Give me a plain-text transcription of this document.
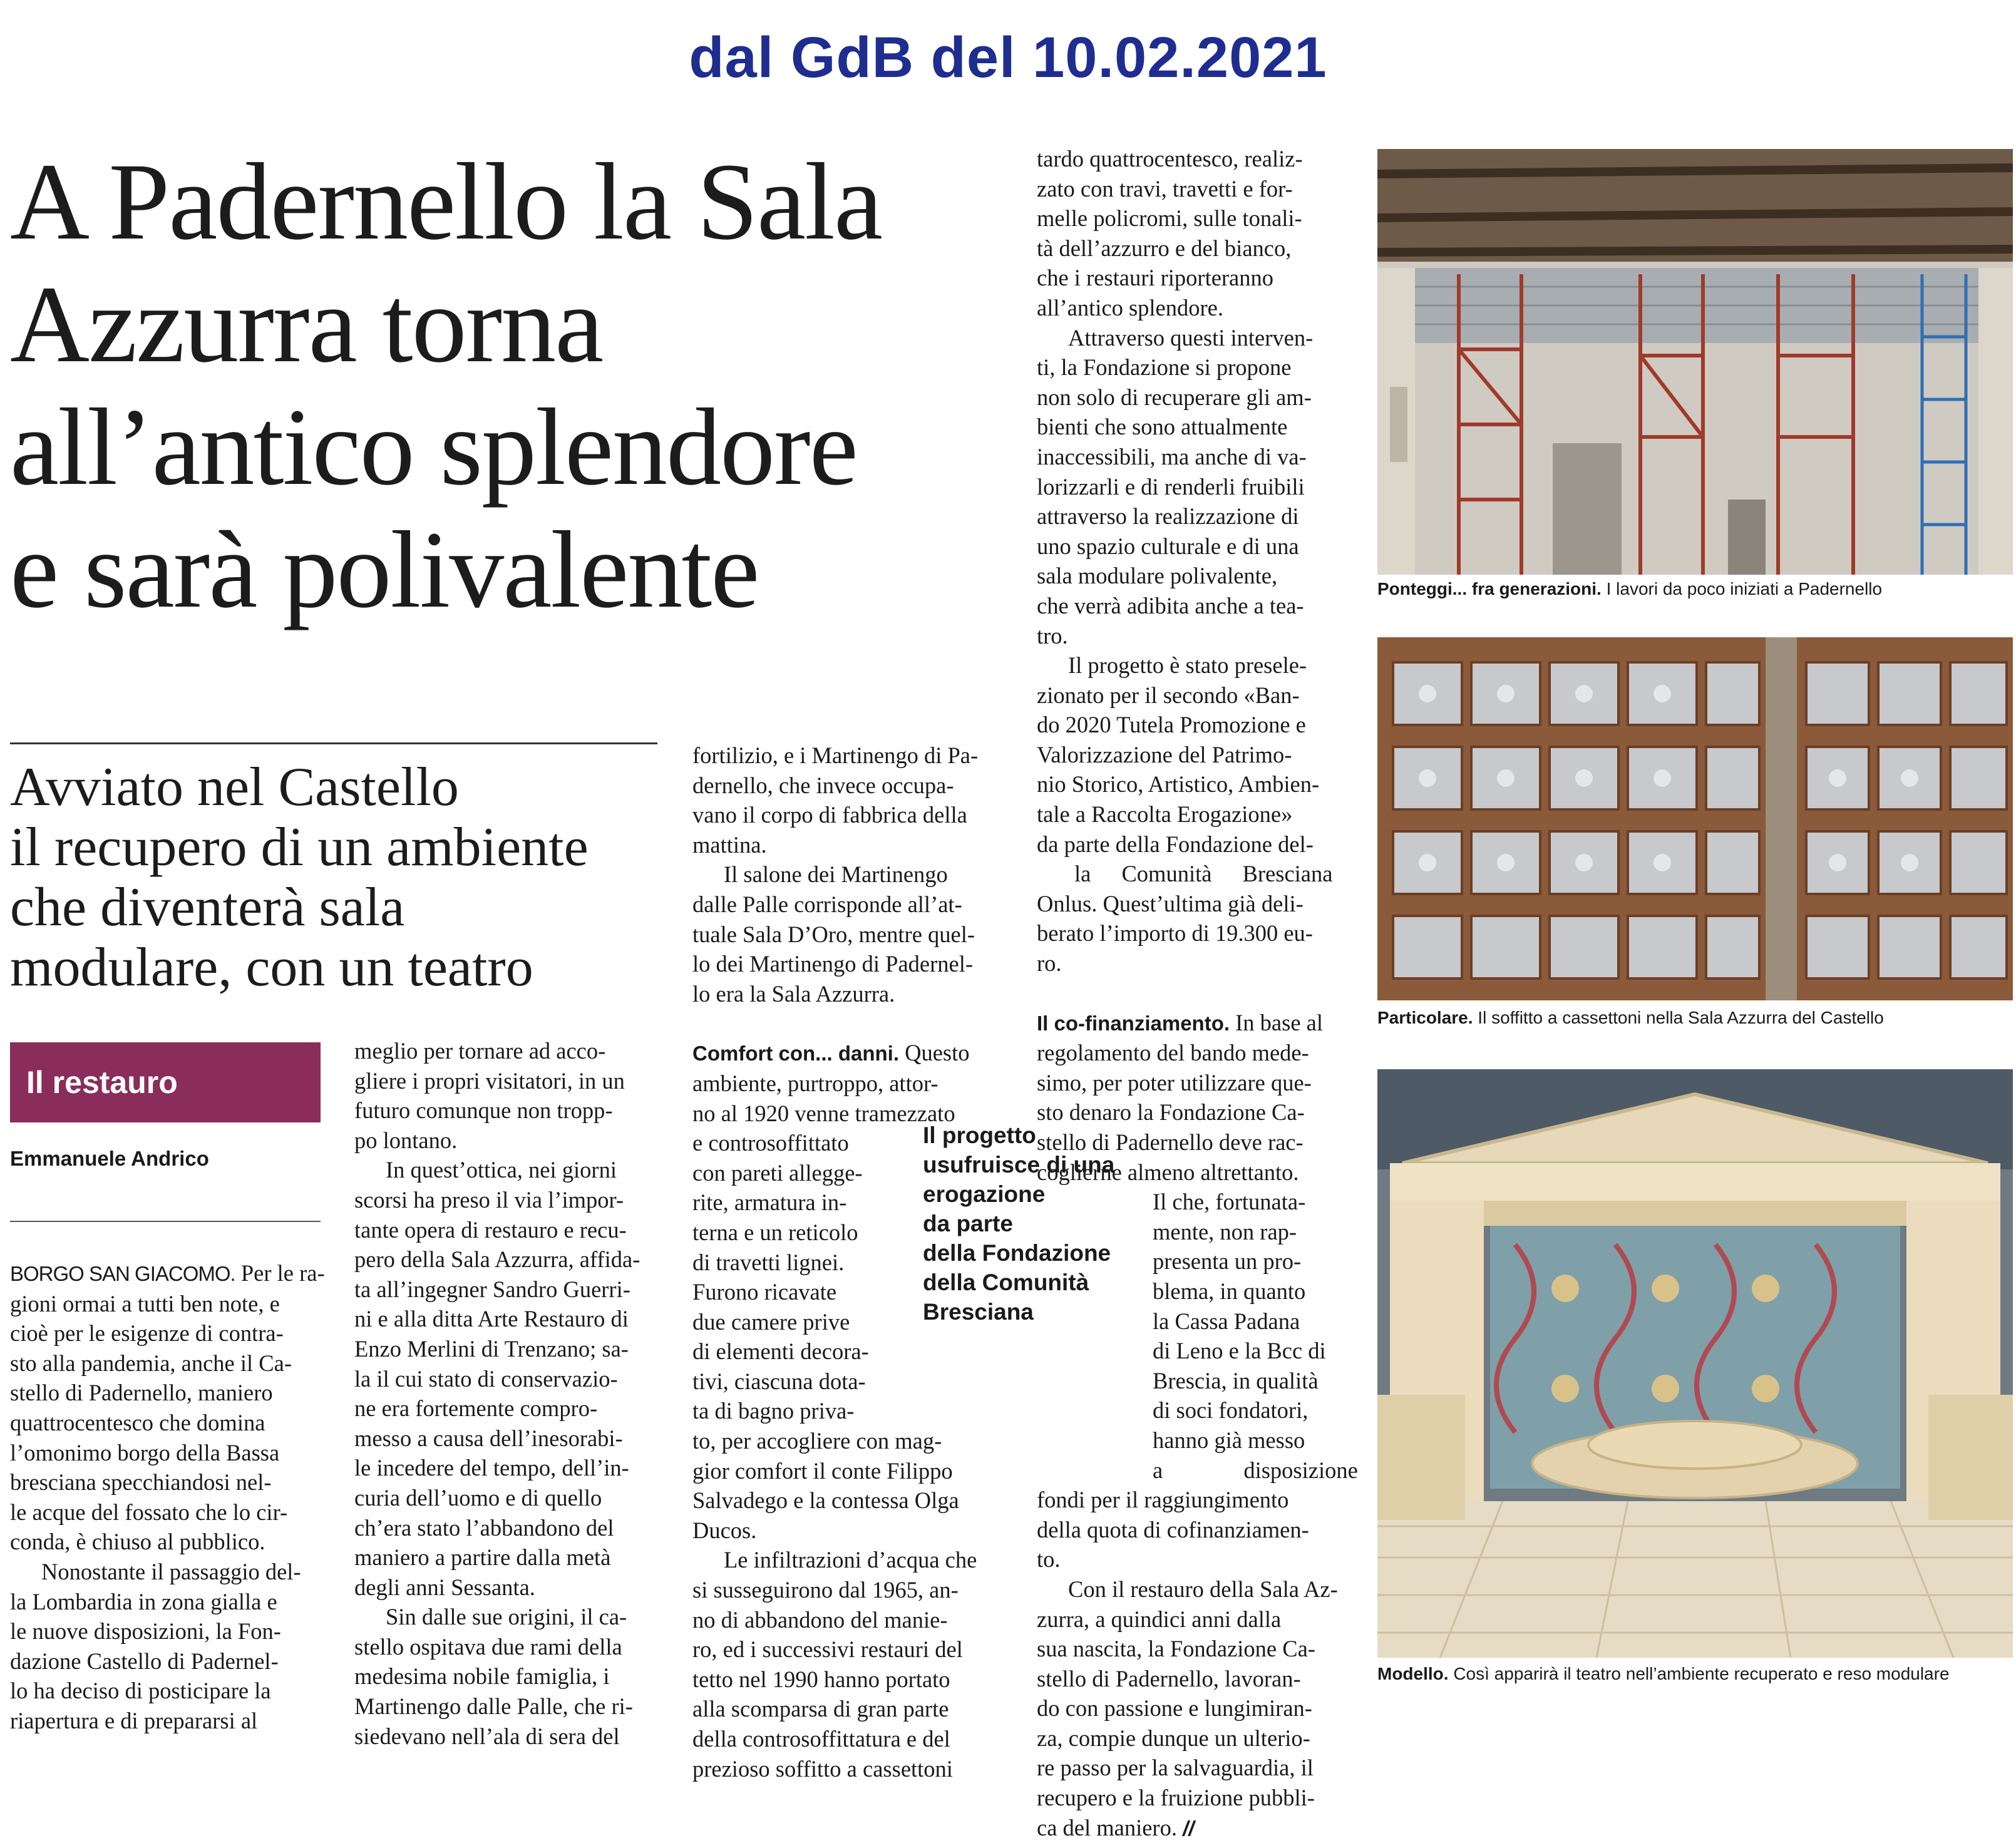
dal GdB del 10.02.2021
A Padernello la Sala
Azzurra torna
all’antico splendore
e sarà polivalente
Avviato nel Castello
il recupero di un ambiente
che diventerà sala
modulare, con un teatro
Il restauro
Emmanuele Andrico
BORGO SAN GIACOMO. Per le ra-
gioni ormai a tutti ben note, e
cioè per le esigenze di contra-
sto alla pandemia, anche il Ca-
stello di Padernello, maniero
quattrocentesco che domina
l’omonimo borgo della Bassa
bresciana specchiandosi nel-
le acque del fossato che lo cir-
conda, è chiuso al pubblico.
Nonostante il passaggio del-
la Lombardia in zona gialla e
le nuove disposizioni, la Fon-
dazione Castello di Padernel-
lo ha deciso di posticipare la
riapertura e di prepararsi al
meglio per tornare ad acco-
gliere i propri visitatori, in un
futuro comunque non tropp-
po lontano.
In quest’ottica, nei giorni
scorsi ha preso il via l’impor-
tante opera di restauro e recu-
pero della Sala Azzurra, affida-
ta all’ingegner Sandro Guerri-
ni e alla ditta Arte Restauro di
Enzo Merlini di Trenzano; sa-
la il cui stato di conservazio-
ne era fortemente compro-
messo a causa dell’inesorabi-
le incedere del tempo, dell’in-
curia dell’uomo e di quello
ch’era stato l’abbandono del
maniero a partire dalla metà
degli anni Sessanta.
Sin dalle sue origini, il ca-
stello ospitava due rami della
medesima nobile famiglia, i
Martinengo dalle Palle, che ri-
siedevano nell’ala di sera del
fortilizio, e i Martinengo di Pa-
dernello, che invece occupa-
vano il corpo di fabbrica della
mattina.
Il salone dei Martinengo
dalle Palle corrisponde all’at-
tuale Sala D’Oro, mentre quel-
lo dei Martinengo di Padernel-
lo era la Sala Azzurra.
Comfort con... danni. Questo
ambiente, purtroppo, attor-
no al 1920 venne tramezzato
e controsoffittato
con pareti allegge-
rite, armatura in-
terna e un reticolo
di travetti lignei.
Furono ricavate
due camere prive
di elementi decora-
tivi, ciascuna dota-
ta di bagno priva-
to, per accogliere con mag-
gior comfort il conte Filippo
Salvadego e la contessa Olga
Ducos.
Le infiltrazioni d’acqua che
si susseguirono dal 1965, an-
no di abbandono del manie-
ro, ed i successivi restauri del
tetto nel 1990 hanno portato
alla scomparsa di gran parte
della controsoffittatura e del
prezioso soffitto a cassettoni
Il progetto
usufruisce di una
erogazione
da parte
della Fondazione
della Comunità
Bresciana
tardo quattrocentesco, realiz-
zato con travi, travetti e for-
melle policromi, sulle tonali-
tà dell’azzurro e del bianco,
che i restauri riporteranno
all’antico splendore.
Attraverso questi interven-
ti, la Fondazione si propone
non solo di recuperare gli am-
bienti che sono attualmente
inaccessibili, ma anche di va-
lorizzarli e di renderli fruibili
attraverso la realizzazione di
uno spazio culturale e di una
sala modulare polivalente,
che verrà adibita anche a tea-
tro.
Il progetto è stato presele-
zionato per il secondo «Ban-
do 2020 Tutela Promozione e
Valorizzazione del Patrimo-
nio Storico, Artistico, Ambien-
tale a Raccolta Erogazione»
da parte della Fondazione del-
la Comunità Bresciana
Onlus. Quest’ultima già deli-
berato l’importo di 19.300 eu-
ro.
Il co-finanziamento. In base al
regolamento del bando mede-
simo, per poter utilizzare que-
sto denaro la Fondazione Ca-
stello di Padernello deve rac-
coglierne almeno altrettanto.
Il che, fortunata-
mente, non rap-
presenta un pro-
blema, in quanto
la Cassa Padana
di Leno e la Bcc di
Brescia, in qualità
di soci fondatori,
hanno già messo
a disposizione
fondi per il raggiungimento
della quota di cofinanziamen-
to.
Con il restauro della Sala Az-
zurra, a quindici anni dalla
sua nascita, la Fondazione Ca-
stello di Padernello, lavoran-
do con passione e lungimiran-
za, compie dunque un ulterio-
re passo per la salvaguardia, il
recupero e la fruizione pubbli-
ca del maniero. //
Ponteggi... fra generazioni. I lavori da poco iniziati a Padernello
Particolare. Il soffitto a cassettoni nella Sala Azzurra del Castello
Modello. Così apparirà il teatro nell’ambiente recuperato e reso modulare
